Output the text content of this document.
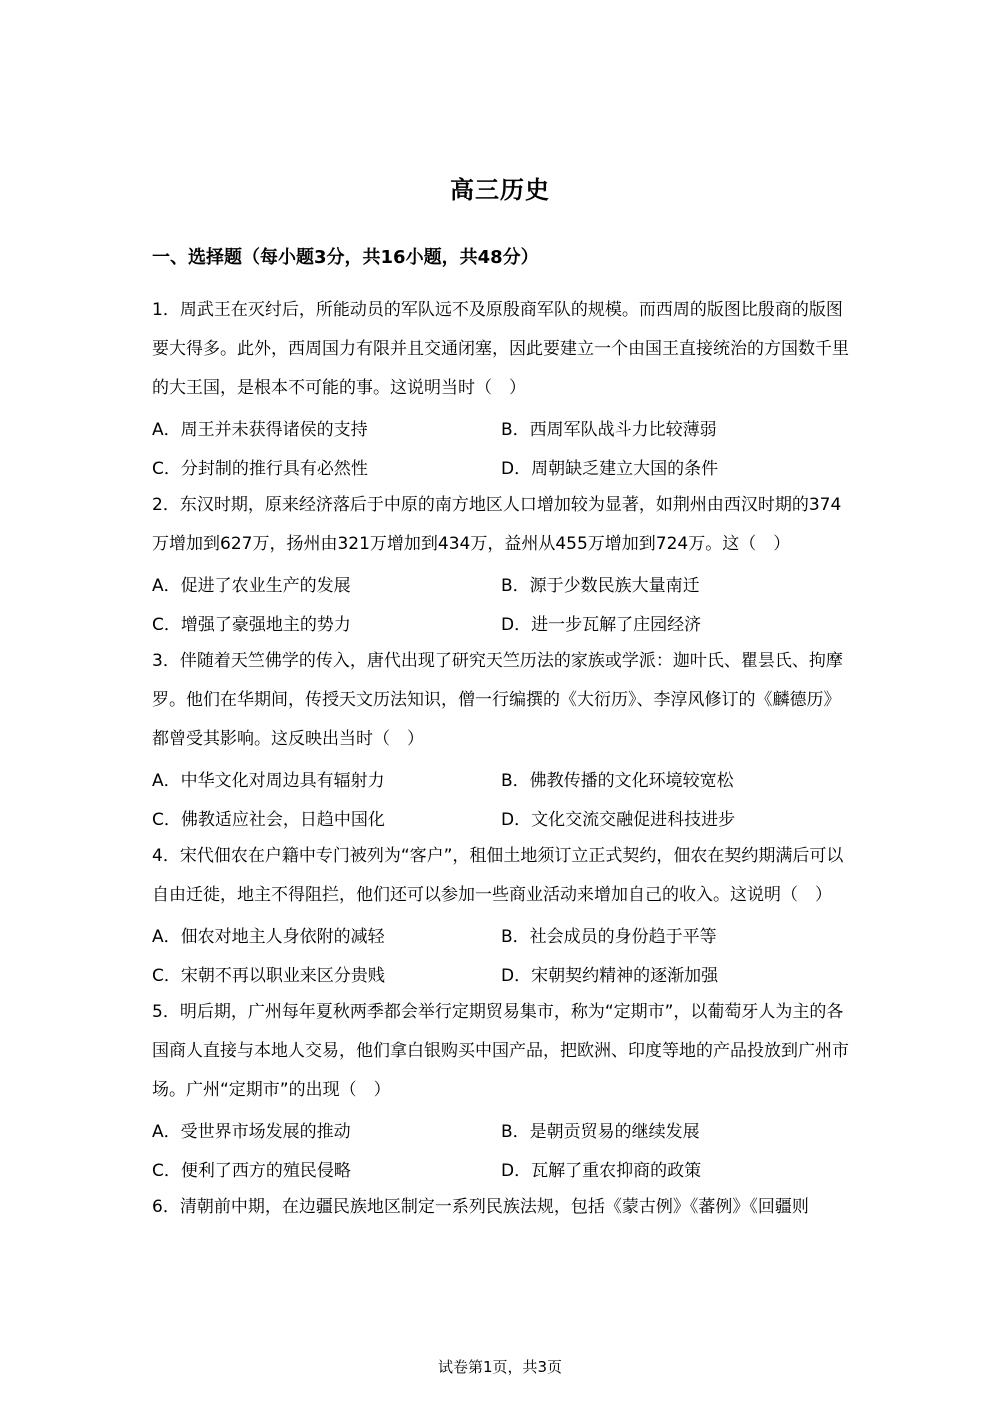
高三历史
一、选择题（每小题3分，共16小题，共48分）

1．周武王在灭纣后，所能动员的军队远不及原殷商军队的规模。而西周的版图比殷商的版图要大得多。此外，西周国力有限并且交通闭塞，因此要建立一个由国王直接统治的方国数千里的大王国，是根本不可能的事。这说明当时（　）

A．周王并未获得诸侯的支持	B．西周军队战斗力比较薄弱
C．分封制的推行具有必然性	D．周朝缺乏建立大国的条件

2．东汉时期，原来经济落后于中原的南方地区人口增加较为显著，如荆州由西汉时期的374万增加到627万，扬州由321万增加到434万，益州从455万增加到724万。这（　）

A．促进了农业生产的发展	B．源于少数民族大量南迁
C．增强了豪强地主的势力	D．进一步瓦解了庄园经济

3．伴随着天竺佛学的传入，唐代出现了研究天竺历法的家族或学派：迦叶氏、瞿昙氏、拘摩罗。他们在华期间，传授天文历法知识，僧一行编撰的《大衍历》、李淳风修订的《麟德历》都曾受其影响。这反映出当时（　）

A．中华文化对周边具有辐射力	B．佛教传播的文化环境较宽松
C．佛教适应社会，日趋中国化	D．文化交流交融促进科技进步

4．宋代佃农在户籍中专门被列为“客户”，租佃土地须订立正式契约，佃农在契约期满后可以自由迁徙，地主不得阻拦，他们还可以参加一些商业活动来增加自己的收入。这说明（　）

A．佃农对地主人身依附的减轻	B．社会成员的身份趋于平等
C．宋朝不再以职业来区分贵贱	D．宋朝契约精神的逐渐加强

5．明后期，广州每年夏秋两季都会举行定期贸易集市，称为“定期市”，以葡萄牙人为主的各国商人直接与本地人交易，他们拿白银购买中国产品，把欧洲、印度等地的产品投放到广州市场。广州“定期市”的出现（　）

A．受世界市场发展的推动	B．是朝贡贸易的继续发展
C．便利了西方的殖民侵略	D．瓦解了重农抑商的政策

6．清朝前中期，在边疆民族地区制定一系列民族法规，包括《蒙古例》《蕃例》《回疆则

试卷第1页，共3页
